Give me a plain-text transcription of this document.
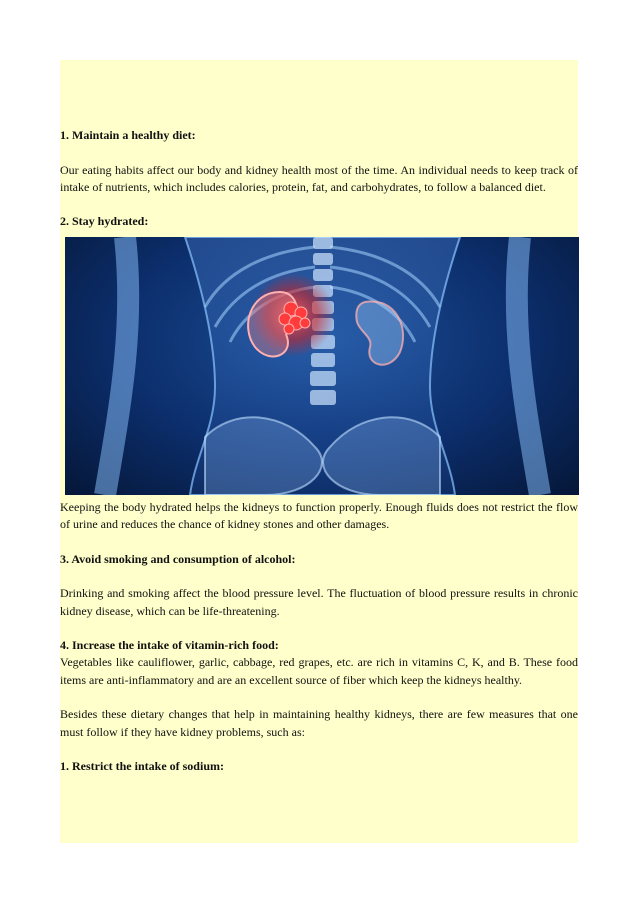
1. Maintain a healthy diet:

Our eating habits affect our body and kidney health most of the time. An individual needs to keep track of intake of nutrients, which includes calories, protein, fat, and carbohydrates, to follow a balanced diet.

2. Stay hydrated:

Keeping the body hydrated helps the kidneys to function properly. Enough fluids does not restrict the flow of urine and reduces the chance of kidney stones and other damages.

3. Avoid smoking and consumption of alcohol:

Drinking and smoking affect the blood pressure level. The fluctuation of blood pressure results in chronic kidney disease, which can be life-threatening.

4. Increase the intake of vitamin-rich food:

Vegetables like cauliflower, garlic, cabbage, red grapes, etc. are rich in vitamins C, K, and B. These food items are anti-inflammatory and are an excellent source of fiber which keep the kidneys healthy.

Besides these dietary changes that help in maintaining healthy kidneys, there are few measures that one must follow if they have kidney problems, such as:

1. Restrict the intake of sodium:
